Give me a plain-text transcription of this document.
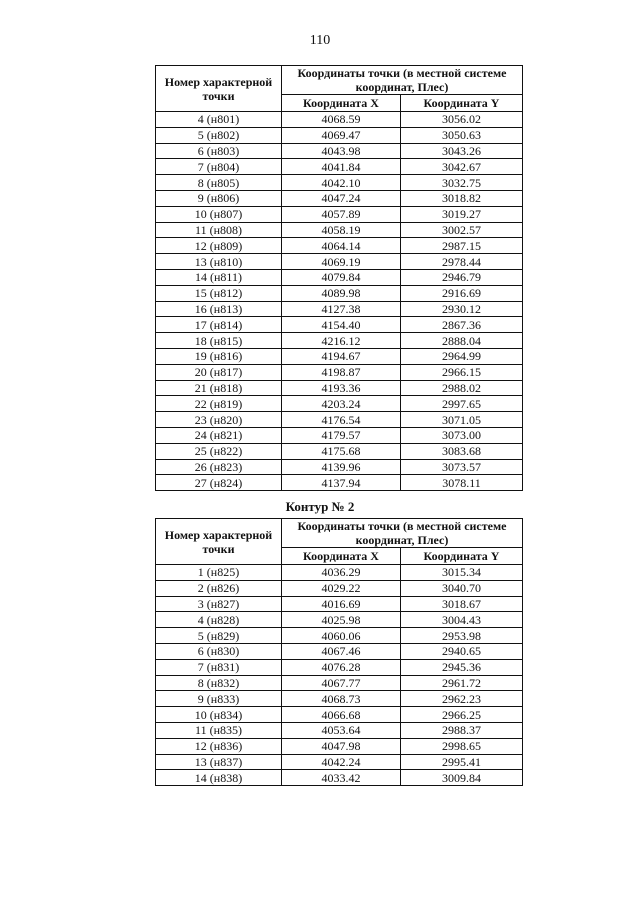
110
Номер характерной точки	Координаты точки (в местной системе координат, Плес)	
	Координата X	Координата Y
4 (н801)	4068.59	3056.02
5 (н802)	4069.47	3050.63
6 (н803)	4043.98	3043.26
7 (н804)	4041.84	3042.67
8 (н805)	4042.10	3032.75
9 (н806)	4047.24	3018.82
10 (н807)	4057.89	3019.27
11 (н808)	4058.19	3002.57
12 (н809)	4064.14	2987.15
13 (н810)	4069.19	2978.44
14 (н811)	4079.84	2946.79
15 (н812)	4089.98	2916.69
16 (н813)	4127.38	2930.12
17 (н814)	4154.40	2867.36
18 (н815)	4216.12	2888.04
19 (н816)	4194.67	2964.99
20 (н817)	4198.87	2966.15
21 (н818)	4193.36	2988.02
22 (н819)	4203.24	2997.65
23 (н820)	4176.54	3071.05
24 (н821)	4179.57	3073.00
25 (н822)	4175.68	3083.68
26 (н823)	4139.96	3073.57
27 (н824)	4137.94	3078.11
Контур № 2
Номер характерной точки	Координаты точки (в местной системе координат, Плес)	
	Координата X	Координата Y
1 (н825)	4036.29	3015.34
2 (н826)	4029.22	3040.70
3 (н827)	4016.69	3018.67
4 (н828)	4025.98	3004.43
5 (н829)	4060.06	2953.98
6 (н830)	4067.46	2940.65
7 (н831)	4076.28	2945.36
8 (н832)	4067.77	2961.72
9 (н833)	4068.73	2962.23
10 (н834)	4066.68	2966.25
11 (н835)	4053.64	2988.37
12 (н836)	4047.98	2998.65
13 (н837)	4042.24	2995.41
14 (н838)	4033.42	3009.84
